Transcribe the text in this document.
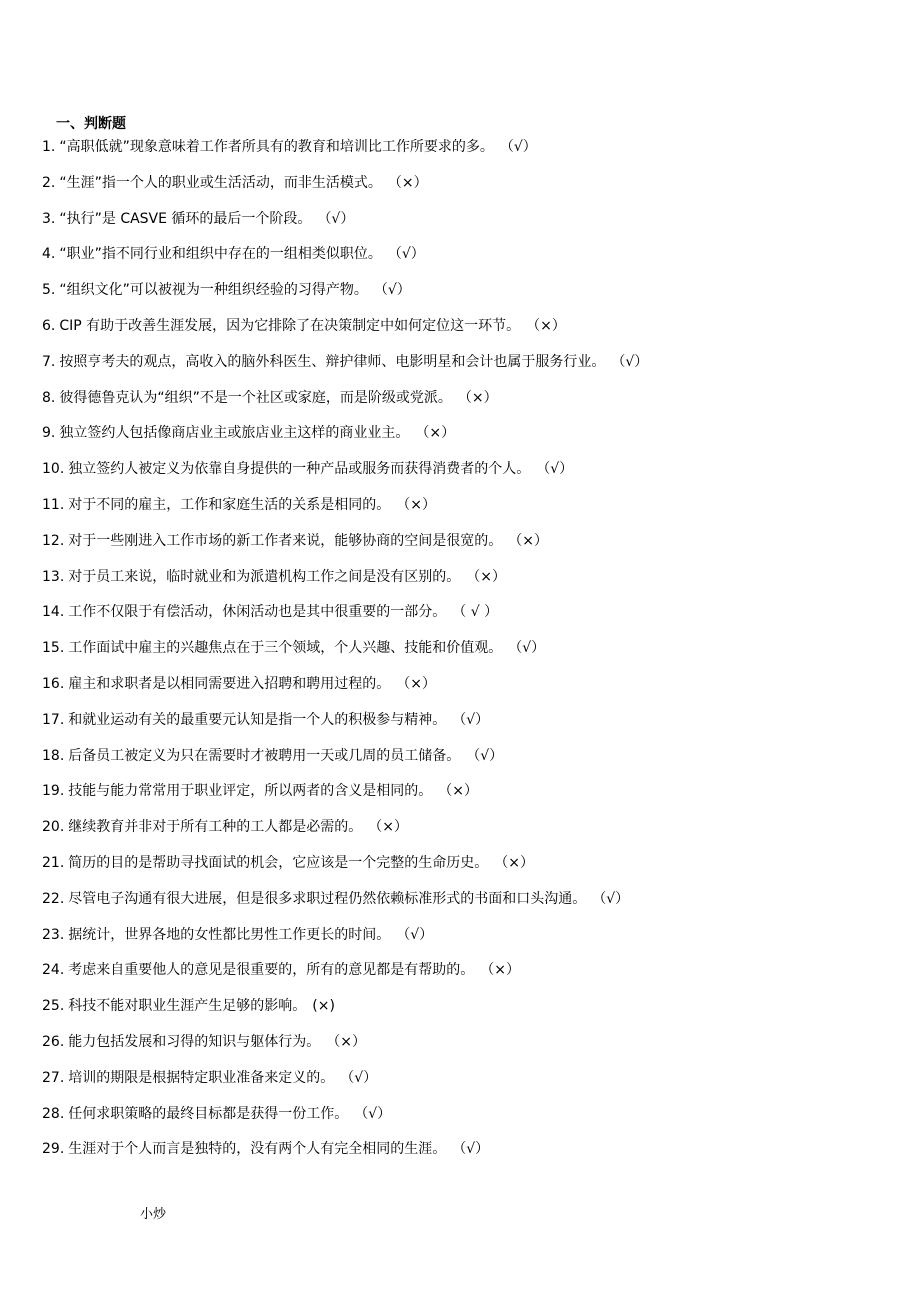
一、判断题
1. “高职低就”现象意味着工作者所具有的教育和培训比工作所要求的多。 （√）
2. “生涯”指一个人的职业或生活活动，而非生活模式。 （×）
3. “执行”是 CASVE 循环的最后一个阶段。 （√）
4. “职业”指不同行业和组织中存在的一组相类似职位。 （√）
5. “组织文化”可以被视为一种组织经验的习得产物。 （√）
6. CIP 有助于改善生涯发展，因为它排除了在决策制定中如何定位这一环节。 （×）
7. 按照亨考夫的观点，高收入的脑外科医生、辩护律师、电影明星和会计也属于服务行业。 （√）
8. 彼得德鲁克认为“组织”不是一个社区或家庭，而是阶级或党派。 （×）
9. 独立签约人包括像商店业主或旅店业主这样的商业业主。 （×）
10. 独立签约人被定义为依靠自身提供的一种产品或服务而获得消费者的个人。 （√）
11. 对于不同的雇主，工作和家庭生活的关系是相同的。 （×）
12. 对于一些刚进入工作市场的新工作者来说，能够协商的空间是很宽的。 （×）
13. 对于员工来说，临时就业和为派遣机构工作之间是没有区别的。 （×）
14. 工作不仅限于有偿活动，休闲活动也是其中很重要的一部分。 （ √ ）
15. 工作面试中雇主的兴趣焦点在于三个领域，个人兴趣、技能和价值观。 （√）
16. 雇主和求职者是以相同需要进入招聘和聘用过程的。 （×）
17. 和就业运动有关的最重要元认知是指一个人的积极参与精神。 （√）
18. 后备员工被定义为只在需要时才被聘用一天或几周的员工储备。 （√）
19. 技能与能力常常用于职业评定，所以两者的含义是相同的。 （×）
20. 继续教育并非对于所有工种的工人都是必需的。 （×）
21. 简历的目的是帮助寻找面试的机会，它应该是一个完整的生命历史。 （×）
22. 尽管电子沟通有很大进展，但是很多求职过程仍然依赖标准形式的书面和口头沟通。 （√）
23. 据统计，世界各地的女性都比男性工作更长的时间。 （√）
24. 考虑来自重要他人的意见是很重要的，所有的意见都是有帮助的。 （×）
25. 科技不能对职业生涯产生足够的影响。 (×)
26. 能力包括发展和习得的知识与躯体行为。 （×）
27. 培训的期限是根据特定职业准备来定义的。 （√）
28. 任何求职策略的最终目标都是获得一份工作。 （√）
29. 生涯对于个人而言是独特的，没有两个人有完全相同的生涯。 （√）
小炒
